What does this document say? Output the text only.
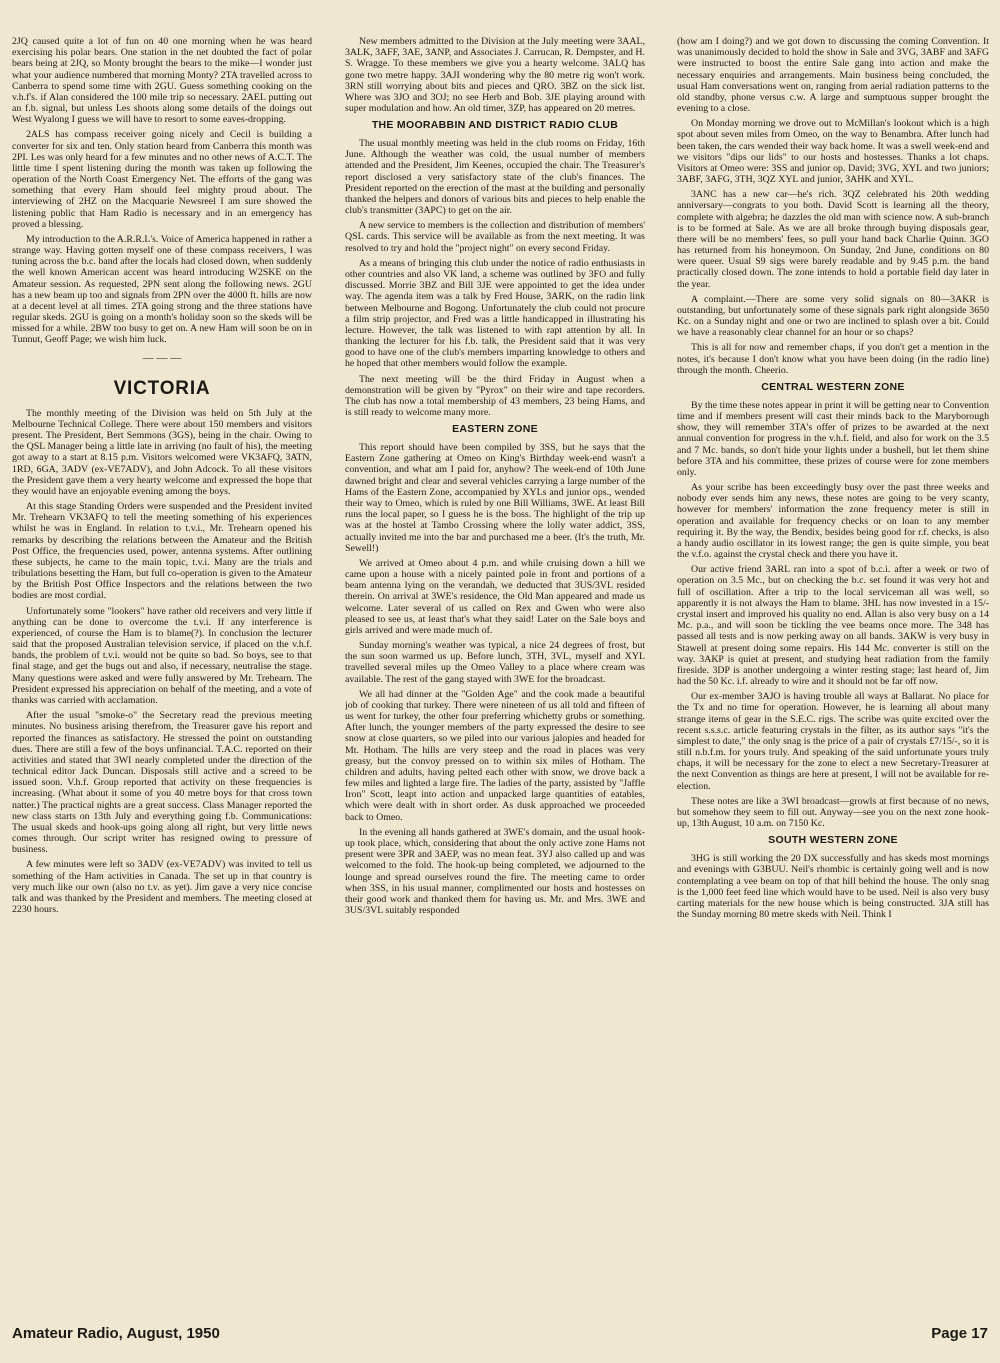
2JQ caused quite a lot of fun on 40 one morning when he was heard exercising his polar bears. One station in the net doubted the fact of polar bears being at 2JQ, so Monty brought the bears to the mike—I wonder just what your audience numbered that morning Monty? 2TA travelled across to Canberra to spend some time with 2GU. Guess something cooking on the v.h.f's. if Alan considered the 100 mile trip so necessary. 2AEL putting out an f.b. signal, but unless Les shoots along some details of the doings out West Wyalong I guess we will have to resort to some eaves-dropping.

2ALS has compass receiver going nicely and Cecil is building a converter for six and ten. Only station heard from Canberra this month was 2PI. Les was only heard for a few minutes and no other news of A.C.T. The little time I spent listening during the month was taken up following the operation of the North Coast Emergency Net. The efforts of the gang was something that every Ham should feel mighty proud about. The interviewing of 2HZ on the Macquarie Newsreel I am sure showed the listening public that Ham Radio is necessary and in an emergency has proved a blessing.

My introduction to the A.R.R.L's. Voice of America happened in rather a strange way. Having gotten myself one of these compass receivers, I was tuning across the b.c. band after the locals had closed down, when suddenly the well known American accent was heard introducing W2SKE on the Amateur session. As requested, 2PN sent along the following news. 2GU has a new beam up too and signals from 2PN over the 4000 ft. hills are now at a decent level at all times. 2TA going strong and the three stations have regular skeds. 2GU is going on a month's holiday soon so the skeds will be missed for a while. 2BW too busy to get on. A new Ham will soon be on in Tunnut, Geoff Page; we wish him luck.

— — —
VICTORIA

The monthly meeting of the Division was held on 5th July at the Melbourne Technical College. There were about 150 members and visitors present. The President, Bert Semmons (3GS), being in the chair. Owing to the QSL Manager being a little late in arriving (no fault of his), the meeting got away to a start at 8.15 p.m. Visitors welcomed were VK3AFQ, 3ATN, 1RD, 6GA, 3ADV (ex-VE7ADV), and John Adcock. To all these visitors the President gave them a very hearty welcome and expressed the hope that they would have an enjoyable evening among the boys.

At this stage Standing Orders were suspended and the President invited Mr. Trehearn VK3AFQ to tell the meeting something of his experiences whilst he was in England. In relation to t.v.i., Mr. Trehearn opened his remarks by describing the relations between the Amateur and the British Post Office, the frequencies used, power, antenna systems. After outlining these subjects, he came to the main topic, t.v.i. Many are the trials and tribulations besetting the Ham, but full co-operation is given to the Amateur by the British Post Office Inspectors and the relations between the two bodies are most cordial.

Unfortunately some "lookers" have rather old receivers and very little if anything can be done to overcome the t.v.i. If any interference is experienced, of course the Ham is to blame(?). In conclusion the lecturer said that the proposed Australian television service, if placed on the v.h.f. bands, the problem of t.v.i. would not be quite so bad. So boys, see to that final stage, and get the bugs out and also, if necessary, neutralise the stage. Many questions were asked and were fully answered by Mr. Trehearn. The President expressed his appreciation on behalf of the meeting, and a vote of thanks was carried with acclamation.

After the usual "smoke-o" the Secretary read the previous meeting minutes. No business arising therefrom, the Treasurer gave his report and reported the finances as satisfactory. He stressed the point on outstanding dues. There are still a few of the boys unfinancial. T.A.C. reported on their activities and stated that 3WI nearly completed under the direction of the technical editor Jack Duncan. Disposals still active and a screed to be issued soon. V.h.f. Group reported that activity on these frequencies is increasing. (What about it some of you 40 metre boys for that cross town natter.) The practical nights are a great success. Class Manager reported the new class starts on 13th July and everything going f.b. Communications: The usual skeds and hook-ups going along all right, but very little news comes through. Our script writer has resigned owing to pressure of business.

A few minutes were left so 3ADV (ex-VE7ADV) was invited to tell us something of the Ham activities in Canada. The set up in that country is very much like our own (also no t.v. as yet). Jim gave a very nice concise talk and was thanked by the President and members. The meeting closed at 2230 hours.

New members admitted to the Division at the July meeting were 3AAL, 3ALK, 3AFF, 3AE, 3ANP, and Associates J. Carrucan, R. Dempster, and H. S. Wragge. To these members we give you a hearty welcome. 3ALQ has gone two metre happy. 3AJI wondering why the 80 metre rig won't work. 3RN still worrying about bits and pieces and QRO. 3BZ on the sick list. Where was 3JO and 3OJ; no see Herb and Bob. 3JE playing around with super modulation and how. An old timer, 3ZP, has appeared on 20 metres.

THE MOORABBIN AND DISTRICT RADIO CLUB

The usual monthly meeting was held in the club rooms on Friday, 16th June. Although the weather was cold, the usual number of members attended and the President, Jim Keenes, occupied the chair. The Treasurer's report disclosed a very satisfactory state of the club's finances. The President reported on the erection of the mast at the building and personally thanked the helpers and donors of various bits and pieces to help enable the club's transmitter (3APC) to get on the air.

A new service to members is the collection and distribution of members' QSL cards. This service will be available as from the next meeting. It was resolved to try and hold the "project night" on every second Friday.

As a means of bringing this club under the notice of radio enthusiasts in other countries and also VK land, a scheme was outlined by 3FO and fully discussed. Morrie 3BZ and Bill 3JE were appointed to get the idea under way. The agenda item was a talk by Fred House, 3ARK, on the radio link between Melbourne and Bogong. Unfortunately the club could not procure a film strip projector, and Fred was a little handicapped in illustrating his lecture. However, the talk was listened to with rapt attention by all. In thanking the lecturer for his f.b. talk, the President said that it was very good to have one of the club's members imparting knowledge to others and he hoped that other members would follow the example.

The next meeting will be the third Friday in August when a demonstration will be given by "Pyrox" on their wire and tape recorders. The club has now a total membership of 43 members, 23 being Hams, and is still ready to welcome many more.

EASTERN ZONE

This report should have been compiled by 3SS, but he says that the Eastern Zone gathering at Omeo on King's Birthday week-end wasn't a convention, and what am I paid for, anyhow? The week-end of 10th June dawned bright and clear and several vehicles carrying a large number of the Hams of the Eastern Zone, accompanied by XYLs and junior ops., wended their way to Omeo, which is ruled by one Bill Williams, 3WE. At least Bill runs the local paper, so I guess he is the boss. The highlight of the trip up was at the hostel at Tambo Crossing where the lolly water addict, 3SS, actually invited me into the bar and purchased me a beer. (It's the truth, Mr. Sewell!)

We arrived at Omeo about 4 p.m. and while cruising down a hill we came upon a house with a nicely painted pole in front and portions of a beam antenna lying on the verandah, we deducted that 3US/3VL resided therein. On arrival at 3WE's residence, the Old Man appeared and made us welcome. Later several of us called on Rex and Gwen who were also pleased to see us, at least that's what they said! Later on the Sale boys and girls arrived and were made much of.

Sunday morning's weather was typical, a nice 24 degrees of frost, but the sun soon warmed us up. Before lunch, 3TH, 3VL, myself and XYL travelled several miles up the Omeo Valley to a place where cream was available. The rest of the gang stayed with 3WE for the broadcast.

We all had dinner at the "Golden Age" and the cook made a beautiful job of cooking that turkey. There were nineteen of us all told and fifteen of us went for turkey, the other four preferring whichetty grubs or something. After lunch, the younger members of the party expressed the desire to see snow at close quarters, so we piled into our various jalopies and headed for Mt. Hotham. The hills are very steep and the road in places was very greasy, but the convoy pressed on to within six miles of Hotham. The children and adults, having pelted each other with snow, we drove back a few miles and lighted a large fire. The ladies of the party, assisted by "Jaffle Iron" Scott, leapt into action and unpacked large quantities of eatables, which were dealt with in short order. As dusk approached we proceeded back to Omeo.

In the evening all hands gathered at 3WE's domain, and the usual hook-up took place, which, considering that about the only active zone Hams not present were 3PR and 3AEP, was no mean feat. 3YJ also called up and was welcomed to the fold. The hook-up being completed, we adjourned to the lounge and spread ourselves round the fire. The meeting came to order when 3SS, in his usual manner, complimented our hosts and hostesses on their good work and thanked them for having us. Mr. and Mrs. 3WE and 3US/3VL suitably responded

(how am I doing?) and we got down to discussing the coming Convention. It was unanimously decided to hold the show in Sale and 3VG, 3ABF and 3AFG were instructed to boost the entire Sale gang into action and make the necessary enquiries and arrangements. Main business being concluded, the usual Ham conversations went on, ranging from aerial radiation patterns to the old standby, phone versus c.w. A large and sumptuous supper brought the evening to a close.

On Monday morning we drove out to McMillan's lookout which is a high spot about seven miles from Omeo, on the way to Benambra. After lunch had been taken, the cars wended their way back home. It was a swell week-end and we visitors "dips our lids" to our hosts and hostesses. Thanks a lot chaps. Visitors at Omeo were: 3SS and junior op. David; 3VG, XYL and two juniors; 3ABF, 3AFG, 3TH, 3QZ XYL and junior, 3AHK and XYL.

3ANC has a new car—he's rich. 3QZ celebrated his 20th wedding anniversary—congrats to you both. David Scott is learning all the theory, complete with algebra; he dazzles the old man with science now. A sub-branch is to be formed at Sale. As we are all broke through buying disposals gear, there will be no members' fees, so pull your hand back Charlie Quinn. 3GO has returned from his honeymoon. On Sunday, 2nd June, conditions on 80 were queer. Usual S9 sigs were barely readable and by 9.45 p.m. the band practically closed down. The zone intends to hold a portable field day later in the year.

A complaint.—There are some very solid signals on 80—3AKR is outstanding, but unfortunately some of these signals park right alongside 3650 Kc. on a Sunday night and one or two are inclined to splash over a bit. Could we have a reasonably clear channel for an hour or so chaps?

This is all for now and remember chaps, if you don't get a mention in the notes, it's because I don't know what you have been doing (in the radio line) through the month. Cheerio.

CENTRAL WESTERN ZONE

By the time these notes appear in print it will be getting near to Convention time and if members present will cast their minds back to the Maryborough show, they will remember 3TA's offer of prizes to be awarded at the next annual convention for progress in the v.h.f. field, and also for work on the 3.5 and 7 Mc. bands, so don't hide your lights under a bushell, but let them shine before 3TA and his committee, these prizes of course were for zone members only.

As your scribe has been exceedingly busy over the past three weeks and nobody ever sends him any news, these notes are going to be very scanty, however for members' information the zone frequency meter is still in operation and available for frequency checks or on loan to any member requiring it. By the way, the Bendix, besides being good for r.f. checks, is also a handy audio oscillator in its lowest range; the gen is quite simple, you beat the v.f.o. against the crystal check and there you have it.

Our active friend 3ARL ran into a spot of b.c.i. after a week or two of operation on 3.5 Mc., but on checking the b.c. set found it was very hot and full of oscillation. After a trip to the local serviceman all was well, so apparently it is not always the Ham to blame. 3HL has now invested in a 15/- crystal insert and improved his quality no end. Allan is also very busy on a 14 Mc. p.a., and will soon be tickling the vee beams once more. The 348 has passed all tests and is now perking away on all bands. 3AKW is very busy in Stawell at present doing some repairs. His 144 Mc. converter is still on the way. 3AKP is quiet at present, and studying heat radiation from the family fireside. 3DP is another undergoing a winter resting stage; last heard of, Jim had the 50 Kc. i.f. already to wire and it should not be far off now.

Our ex-member 3AJO is having trouble all ways at Ballarat. No place for the Tx and no time for operation. However, he is learning all about many strange items of gear in the S.E.C. rigs. The scribe was quite excited over the recent s.s.s.c. article featuring crystals in the filter, as its author says "it's the simplest to date," the only snag is the price of a pair of crystals £7/15/-, so it is still n.b.f.m. for yours truly. And speaking of the said unfortunate yours truly chaps, it will be necessary for the zone to elect a new Secretary-Treasurer at the next Convention as things are here at present, I will not be available for re-election.

These notes are like a 3WI broadcast—growls at first because of no news, but somehow they seem to fill out. Anyway—see you on the next zone hook-up, 13th August, 10 a.m. on 7150 Kc.

SOUTH WESTERN ZONE

3HG is still working the 20 DX successfully and has skeds most mornings and evenings with G3BUU. Neil's rhombic is certainly going well and is now contemplating a vee beam on top of that hill behind the house. The only snag is the 1,000 feet feed line which would have to be used. Neil is also very busy carting materials for the new house which is being constructed. 3JA still has the Sunday morning 80 metre skeds with Neil. Think I

Amateur Radio, August, 1950	Page 17
